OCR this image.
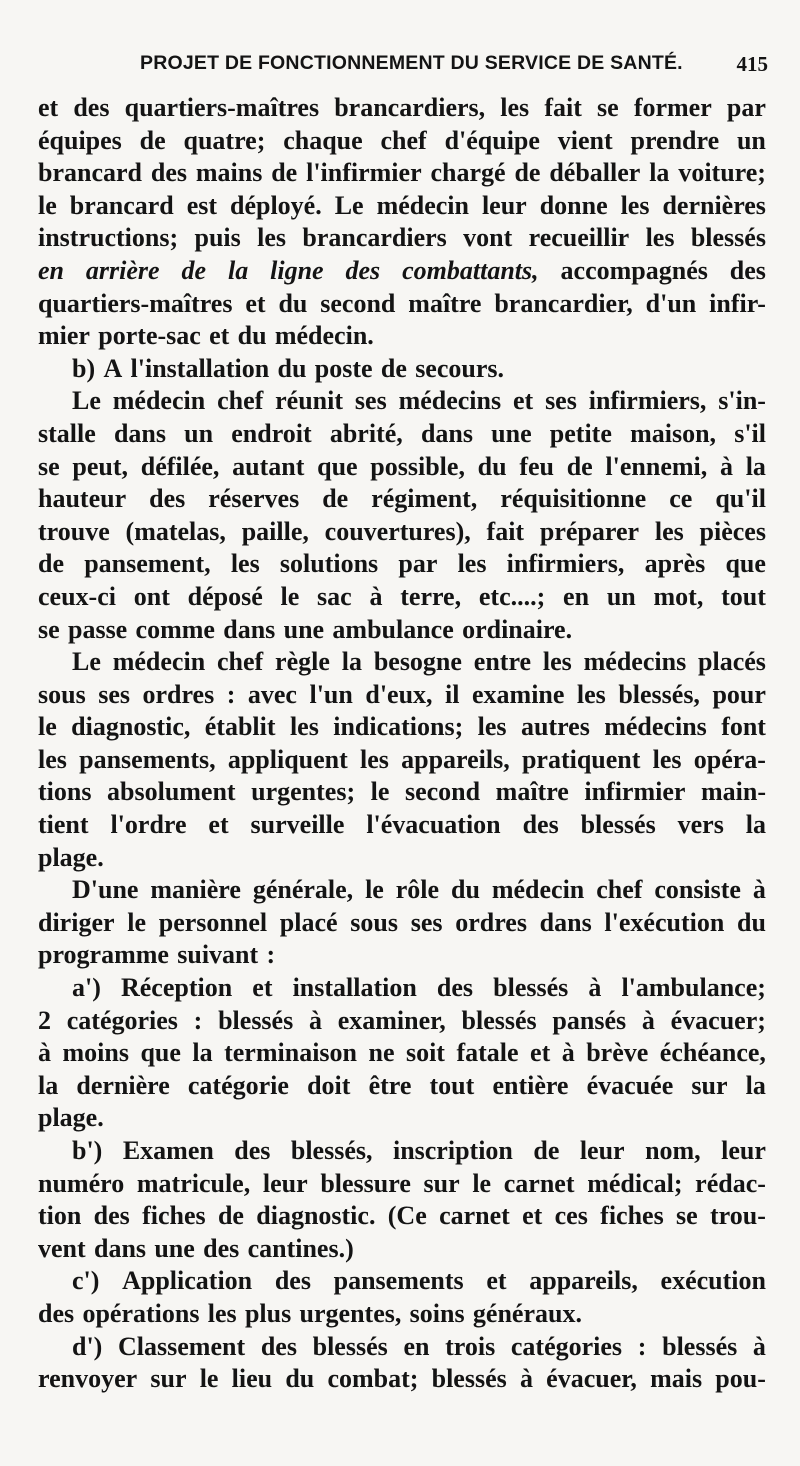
PROJET DE FONCTIONNEMENT DU SERVICE DE SANTÉ.	415
et des quartiers-maîtres brancardiers, les fait se former par
équipes de quatre; chaque chef d'équipe vient prendre un
brancard des mains de l'infirmier chargé de déballer la voiture;
le brancard est déployé. Le médecin leur donne les dernières
instructions; puis les brancardiers vont recueillir les blessés
en arrière de la ligne des combattants, accompagnés des
quartiers-maîtres et du second maître brancardier, d'un infir-
mier porte-sac et du médecin.
b) A l'installation du poste de secours.
Le médecin chef réunit ses médecins et ses infirmiers, s'in-
stalle dans un endroit abrité, dans une petite maison, s'il
se peut, défilée, autant que possible, du feu de l'ennemi, à la
hauteur des réserves de régiment, réquisitionne ce qu'il
trouve (matelas, paille, couvertures), fait préparer les pièces
de pansement, les solutions par les infirmiers, après que
ceux-ci ont déposé le sac à terre, etc....; en un mot, tout
se passe comme dans une ambulance ordinaire.
Le médecin chef règle la besogne entre les médecins placés
sous ses ordres : avec l'un d'eux, il examine les blessés, pour
le diagnostic, établit les indications; les autres médecins font
les pansements, appliquent les appareils, pratiquent les opéra-
tions absolument urgentes; le second maître infirmier main-
tient l'ordre et surveille l'évacuation des blessés vers la
plage.
D'une manière générale, le rôle du médecin chef consiste à
diriger le personnel placé sous ses ordres dans l'exécution du
programme suivant :
a') Réception et installation des blessés à l'ambulance;
2 catégories : blessés à examiner, blessés pansés à évacuer;
à moins que la terminaison ne soit fatale et à brève échéance,
la dernière catégorie doit être tout entière évacuée sur la
plage.
b') Examen des blessés, inscription de leur nom, leur
numéro matricule, leur blessure sur le carnet médical; rédac-
tion des fiches de diagnostic. (Ce carnet et ces fiches se trou-
vent dans une des cantines.)
c') Application des pansements et appareils, exécution
des opérations les plus urgentes, soins généraux.
d') Classement des blessés en trois catégories : blessés à
renvoyer sur le lieu du combat; blessés à évacuer, mais pou-
